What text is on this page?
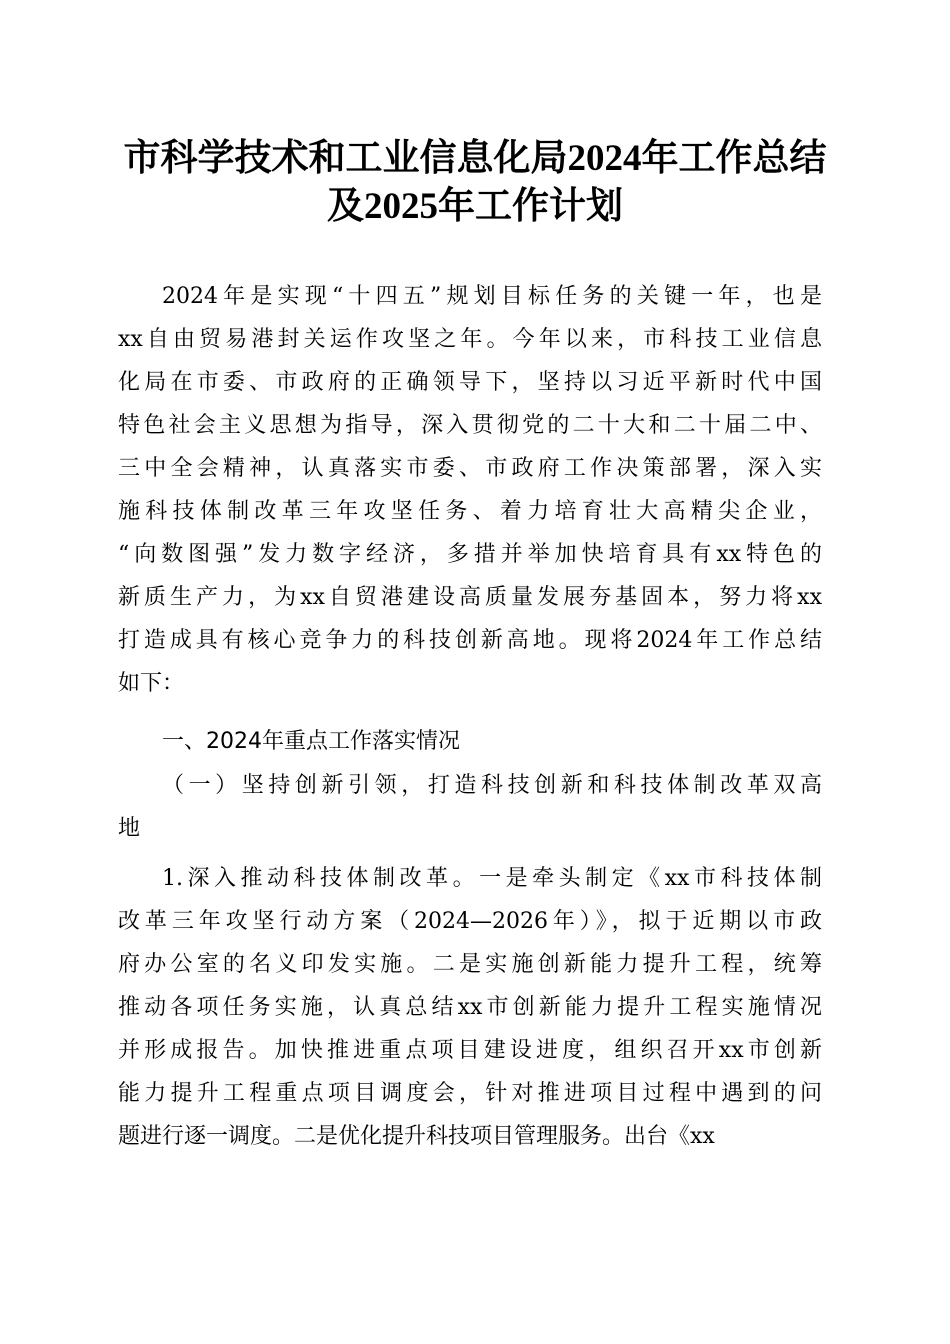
市科学技术和工业信息化局2024年工作总结
及2025年工作计划
2024年是实现“十四五”规划目标任务的关键一年，也是
xx自由贸易港封关运作攻坚之年。今年以来，市科技工业信息
化局在市委、市政府的正确领导下，坚持以习近平新时代中国
特色社会主义思想为指导，深入贯彻党的二十大和二十届二中、
三中全会精神，认真落实市委、市政府工作决策部署，深入实
施科技体制改革三年攻坚任务、着力培育壮大高精尖企业，
“向数图强”发力数字经济，多措并举加快培育具有xx特色的
新质生产力，为xx自贸港建设高质量发展夯基固本，努力将xx
打造成具有核心竞争力的科技创新高地。现将2024年工作总结
如下：
一、2024年重点工作落实情况
（一）坚持创新引领，打造科技创新和科技体制改革双高
地
1.深入推动科技体制改革。一是牵头制定《xx市科技体制
改革三年攻坚行动方案（2024—2026年）》，拟于近期以市政
府办公室的名义印发实施。二是实施创新能力提升工程，统筹
推动各项任务实施，认真总结xx市创新能力提升工程实施情况
并形成报告。加快推进重点项目建设进度，组织召开xx市创新
能力提升工程重点项目调度会，针对推进项目过程中遇到的问
题进行逐一调度。二是优化提升科技项目管理服务。出台《xx
